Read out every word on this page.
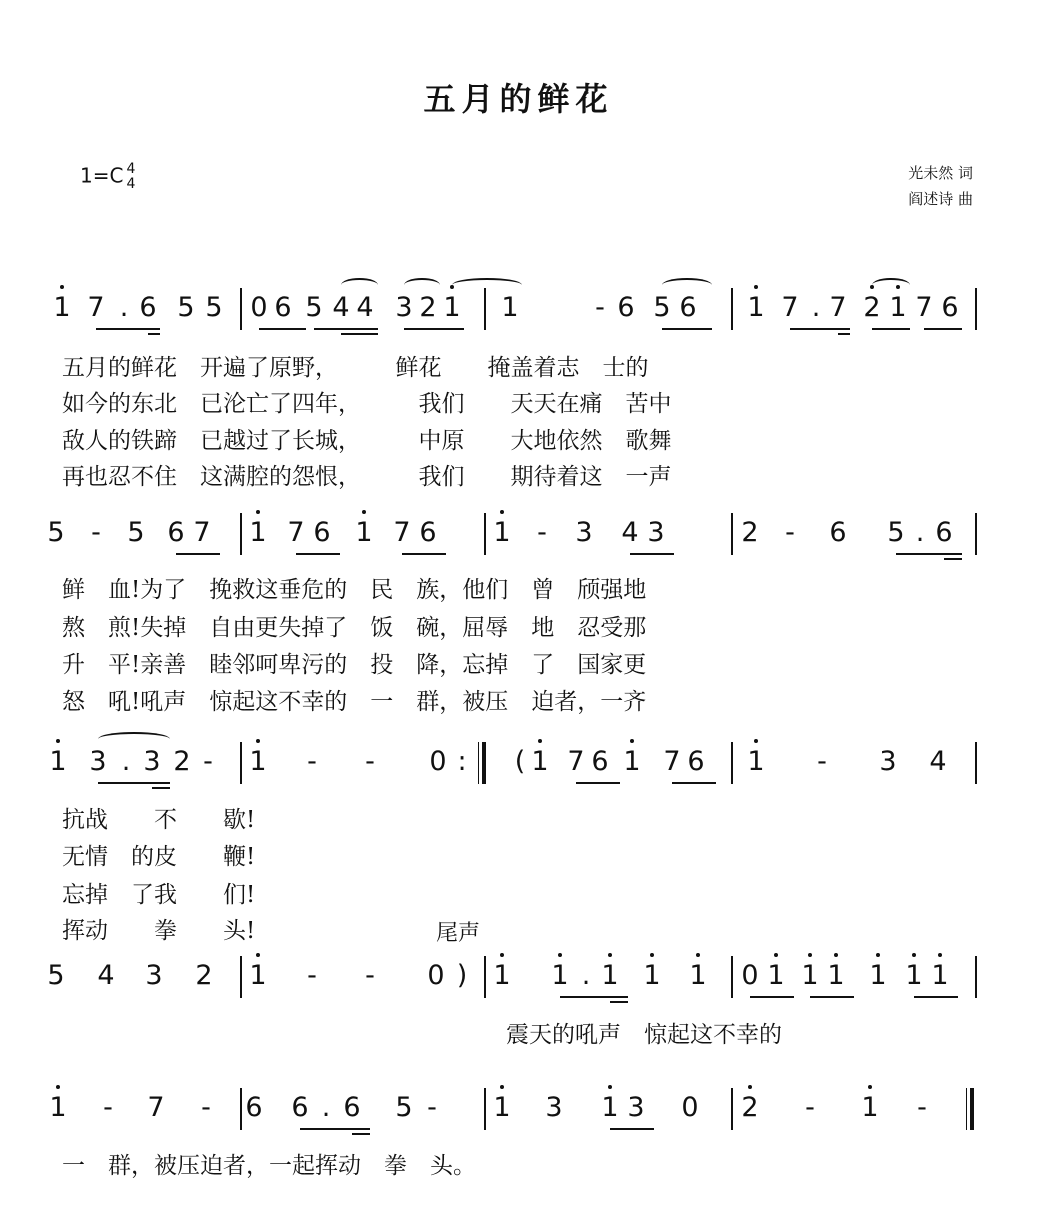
五月的鲜花
1=C 4
4
光未然 词
阎述诗 曲
1 7 . 6 5 5 0 6 5 4 4 3 2 1 1	- 6 5 6 1 7 . 7 2 1 7 6
五月的鲜花　开遍了原野，　　　鲜花　　掩盖着志　士的
如今的东北　已沦亡了四年，　　　我们　　天天在痛　苦中
敌人的铁蹄　已越过了长城，　　　中原　　大地依然　歌舞
再也忍不住　这满腔的怨恨，　　　我们　　期待着这　一声
5 - 5 6 7 1 7 6 1 7 6 1 - 3 4 3	2 - 6 5 . 6
鲜　血!为了　挽救这垂危的　民　族，他们　曾　颀强地
熬　煎!失掉　自由更失掉了　饭　碗，屈辱　地　忍受那
升　平!亲善　睦邻呵卑污的　投　降，忘掉　了　国家更
怒　吼!吼声　惊起这不幸的　一　群，被压　迫者，一齐
1 3 . 3 2 - 1 - - 0 : ( 1 7 6 1 7 6 1 - 3 4
抗战　　不　　歇!
无情　的皮　　鞭!
忘掉　了我　　们!
挥动　　拳　　头!	尾声
5 4 3 2 1 - - 0 ) 1 1 . 1 1 1 0 1 1 1 1 1 1
震天的吼声　惊起这不幸的
1 - 7 - 6 6 . 6 5 - 1 3 1 3 0 2 - 1 -
一　群，被压迫者，一起挥动　拳　头。
